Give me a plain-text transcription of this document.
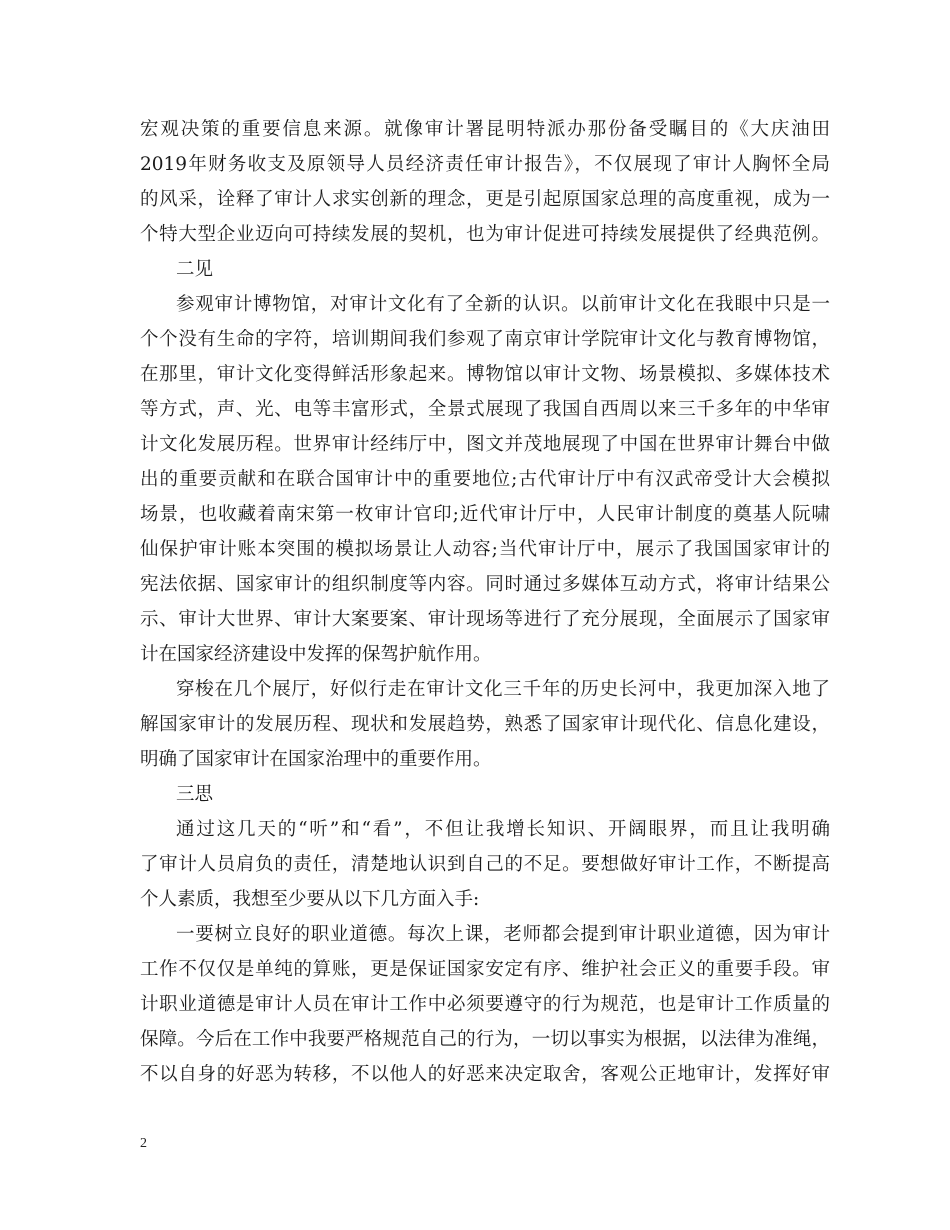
宏观决策的重要信息来源。就像审计署昆明特派办那份备受瞩目的《大庆油田
2019年财务收支及原领导人员经济责任审计报告》，不仅展现了审计人胸怀全局
的风采，诠释了审计人求实创新的理念，更是引起原国家总理的高度重视，成为一
个特大型企业迈向可持续发展的契机，也为审计促进可持续发展提供了经典范例。
二见
参观审计博物馆，对审计文化有了全新的认识。以前审计文化在我眼中只是一
个个没有生命的字符，培训期间我们参观了南京审计学院审计文化与教育博物馆，
在那里，审计文化变得鲜活形象起来。博物馆以审计文物、场景模拟、多媒体技术
等方式，声、光、电等丰富形式，全景式展现了我国自西周以来三千多年的中华审
计文化发展历程。世界审计经纬厅中，图文并茂地展现了中国在世界审计舞台中做
出的重要贡献和在联合国审计中的重要地位;古代审计厅中有汉武帝受计大会模拟
场景，也收藏着南宋第一枚审计官印;近代审计厅中，人民审计制度的奠基人阮啸
仙保护审计账本突围的模拟场景让人动容;当代审计厅中，展示了我国国家审计的
宪法依据、国家审计的组织制度等内容。同时通过多媒体互动方式，将审计结果公
示、审计大世界、审计大案要案、审计现场等进行了充分展现，全面展示了国家审
计在国家经济建设中发挥的保驾护航作用。
穿梭在几个展厅，好似行走在审计文化三千年的历史长河中，我更加深入地了
解国家审计的发展历程、现状和发展趋势，熟悉了国家审计现代化、信息化建设，
明确了国家审计在国家治理中的重要作用。
三思
通过这几天的“听”和“看”，不但让我增长知识、开阔眼界，而且让我明确
了审计人员肩负的责任，清楚地认识到自己的不足。要想做好审计工作，不断提高
个人素质，我想至少要从以下几方面入手:
一要树立良好的职业道德。每次上课，老师都会提到审计职业道德，因为审计
工作不仅仅是单纯的算账，更是保证国家安定有序、维护社会正义的重要手段。审
计职业道德是审计人员在审计工作中必须要遵守的行为规范，也是审计工作质量的
保障。今后在工作中我要严格规范自己的行为，一切以事实为根据，以法律为准绳，
不以自身的好恶为转移，不以他人的好恶来决定取舍，客观公正地审计，发挥好审
2
